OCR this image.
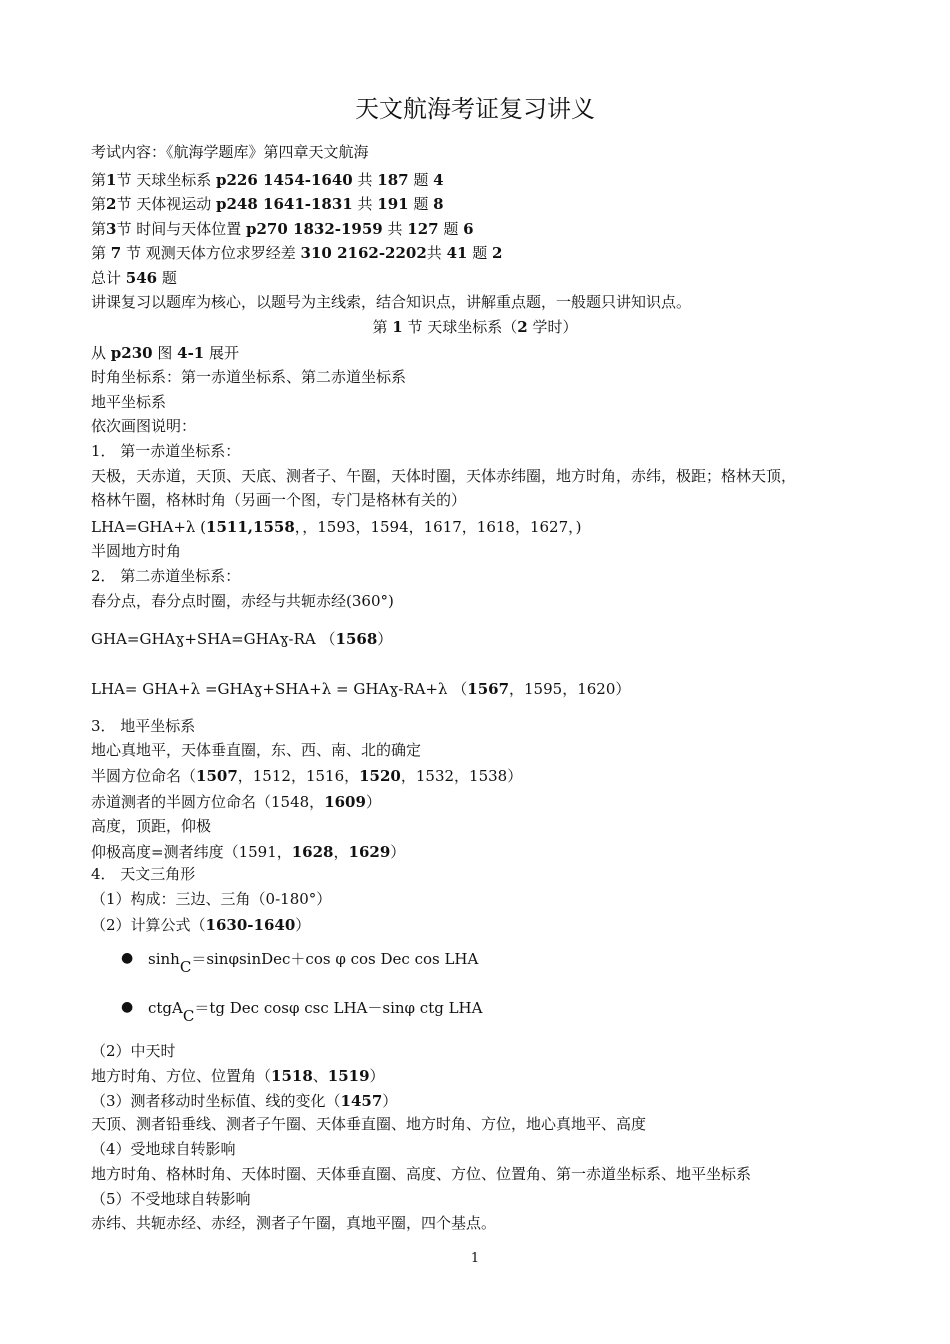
天文航海考证复习讲义
考试内容：《航海学题库》第四章天文航海
第1节 天球坐标系 p226 1454-1640 共 187 题 4
第2节 天体视运动 p248 1641-1831 共 191 题 8
第3节 时间与天体位置 p270 1832-1959 共 127 题 6
第 7 节 观测天体方位求罗经差 310 2162-2202共 41 题 2
总计 546 题
讲课复习以题库为核心，以题号为主线索，结合知识点，讲解重点题，一般题只讲知识点。
第 1 节 天球坐标系（2 学时）
从 p230 图 4-1 展开
时角坐标系：第一赤道坐标系、第二赤道坐标系
地平坐标系
依次画图说明：
1． 第一赤道坐标系：
天极，天赤道，天顶、天底、测者子、午圈，天体时圈，天体赤纬圈，地方时角，赤纬，极距；格林天顶，
格林午圈，格林时角（另画一个图，专门是格林有关的）
LHA=GHA+λ (1511,1558，，1593，1594，1617，1618，1627，)
半圆地方时角
2． 第二赤道坐标系：
春分点，春分点时圈，赤经与共轭赤经(360°)
GHA=GHAɣ+SHA=GHAɣ-RA （1568）
LHA= GHA+λ =GHAɣ+SHA+λ = GHAɣ-RA+λ （1567，1595，1620）
3． 地平坐标系
地心真地平，天体垂直圈，东、西、南、北的确定
半圆方位命名（1507，1512，1516，1520，1532，1538）
赤道测者的半圆方位命名（1548，1609）
高度，顶距，仰极
仰极高度=测者纬度（1591，1628，1629）
4． 天文三角形
（1）构成：三边、三角（0-180°）
（2）计算公式（1630-1640）
● sinhC＝sinφsinDec＋cos φ cos Dec cos LHA
● ctgAC＝tg Dec cosφ csc LHA－sinφ ctg LHA
（2）中天时
地方时角、方位、位置角（1518、1519）
（3）测者移动时坐标值、线的变化（1457）
天顶、测者铅垂线、测者子午圈、天体垂直圈、地方时角、方位，地心真地平、高度
（4）受地球自转影响
地方时角、格林时角、天体时圈、天体垂直圈、高度、方位、位置角、第一赤道坐标系、地平坐标系
（5）不受地球自转影响
赤纬、共轭赤经、赤经，测者子午圈，真地平圈，四个基点。
1
